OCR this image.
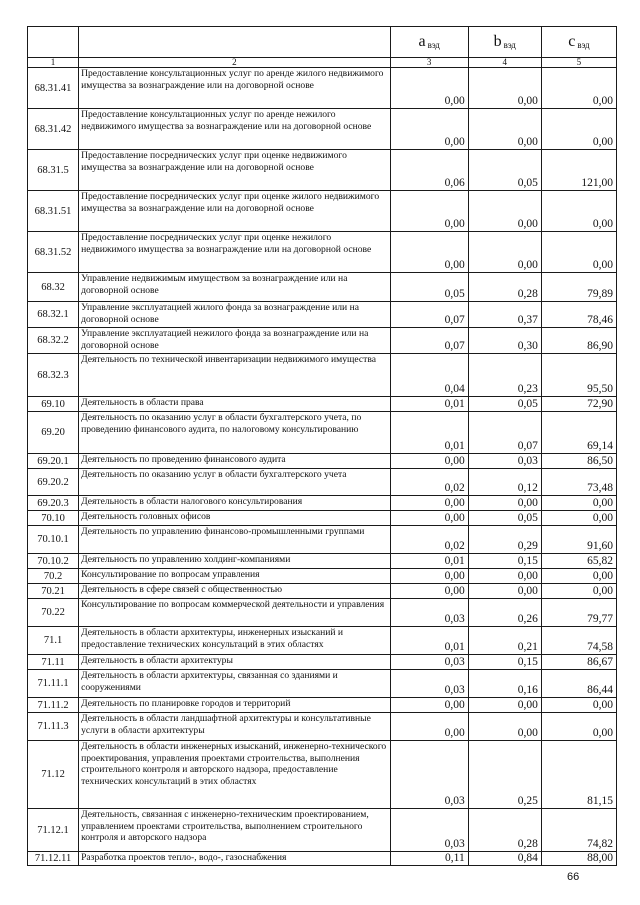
		a $_{вэд}$	b $_{вэд}$	c $_{вэд}$
1	2	3	4	5
68.31.41	Предоставление консультационных услуг по аренде жилого недвижимого имущества за вознаграждение или на договорной основе	0,00	0,00	0,00
68.31.42	Предоставление консультационных услуг по аренде нежилого недвижимого имущества за вознаграждение или на договорной основе	0,00	0,00	0,00
68.31.5	Предоставление посреднических услуг при оценке недвижимого имущества за вознаграждение или на договорной основе	0,06	0,05	121,00
68.31.51	Предоставление посреднических услуг при оценке жилого недвижимого имущества за вознаграждение или на договорной основе	0,00	0,00	0,00
68.31.52	Предоставление посреднических услуг при оценке нежилого недвижимого имущества за вознаграждение или на договорной основе	0,00	0,00	0,00
68.32	Управление недвижимым имуществом за вознаграждение или на договорной основе	0,05	0,28	79,89
68.32.1	Управление эксплуатацией жилого фонда за вознаграждение или на договорной основе	0,07	0,37	78,46
68.32.2	Управление эксплуатацией нежилого фонда за вознаграждение или на договорной основе	0,07	0,30	86,90
68.32.3	Деятельность по технической инвентаризации недвижимого имущества	0,04	0,23	95,50
69.10	Деятельность в области права	0,01	0,05	72,90
69.20	Деятельность по оказанию услуг в области бухгалтерского учета, по проведению финансового аудита, по налоговому консультированию	0,01	0,07	69,14
69.20.1	Деятельность по проведению финансового аудита	0,00	0,03	86,50
69.20.2	Деятельность по оказанию услуг в области бухгалтерского учета	0,02	0,12	73,48
69.20.3	Деятельность в области налогового консультирования	0,00	0,00	0,00
70.10	Деятельность головных офисов	0,00	0,05	0,00
70.10.1	Деятельность по управлению финансово-промышленными группами	0,02	0,29	91,60
70.10.2	Деятельность по управлению холдинг-компаниями	0,01	0,15	65,82
70.2	Консультирование по вопросам управления	0,00	0,00	0,00
70.21	Деятельность в сфере связей с общественностью	0,00	0,00	0,00
70.22	Консультирование по вопросам коммерческой деятельности и управления	0,03	0,26	79,77
71.1	Деятельность в области архитектуры, инженерных изысканий и предоставление технических консультаций в этих областях	0,01	0,21	74,58
71.11	Деятельность в области архитектуры	0,03	0,15	86,67
71.11.1	Деятельность в области архитектуры, связанная со зданиями и сооружениями	0,03	0,16	86,44
71.11.2	Деятельность по планировке городов и территорий	0,00	0,00	0,00
71.11.3	Деятельность в области ландшафтной архитектуры и консультативные услуги в области архитектуры	0,00	0,00	0,00
71.12	Деятельность в области инженерных изысканий, инженерно-технического проектирования, управления проектами строительства, выполнения строительного контроля и авторского надзора, предоставление технических консультаций в этих областях	0,03	0,25	81,15
71.12.1	Деятельность, связанная с инженерно-техническим проектированием, управлением проектами строительства, выполнением строительного контроля и авторского надзора	0,03	0,28	74,82
71.12.11	Разработка проектов тепло-, водо-, газоснабжения	0,11	0,84	88,00
66
